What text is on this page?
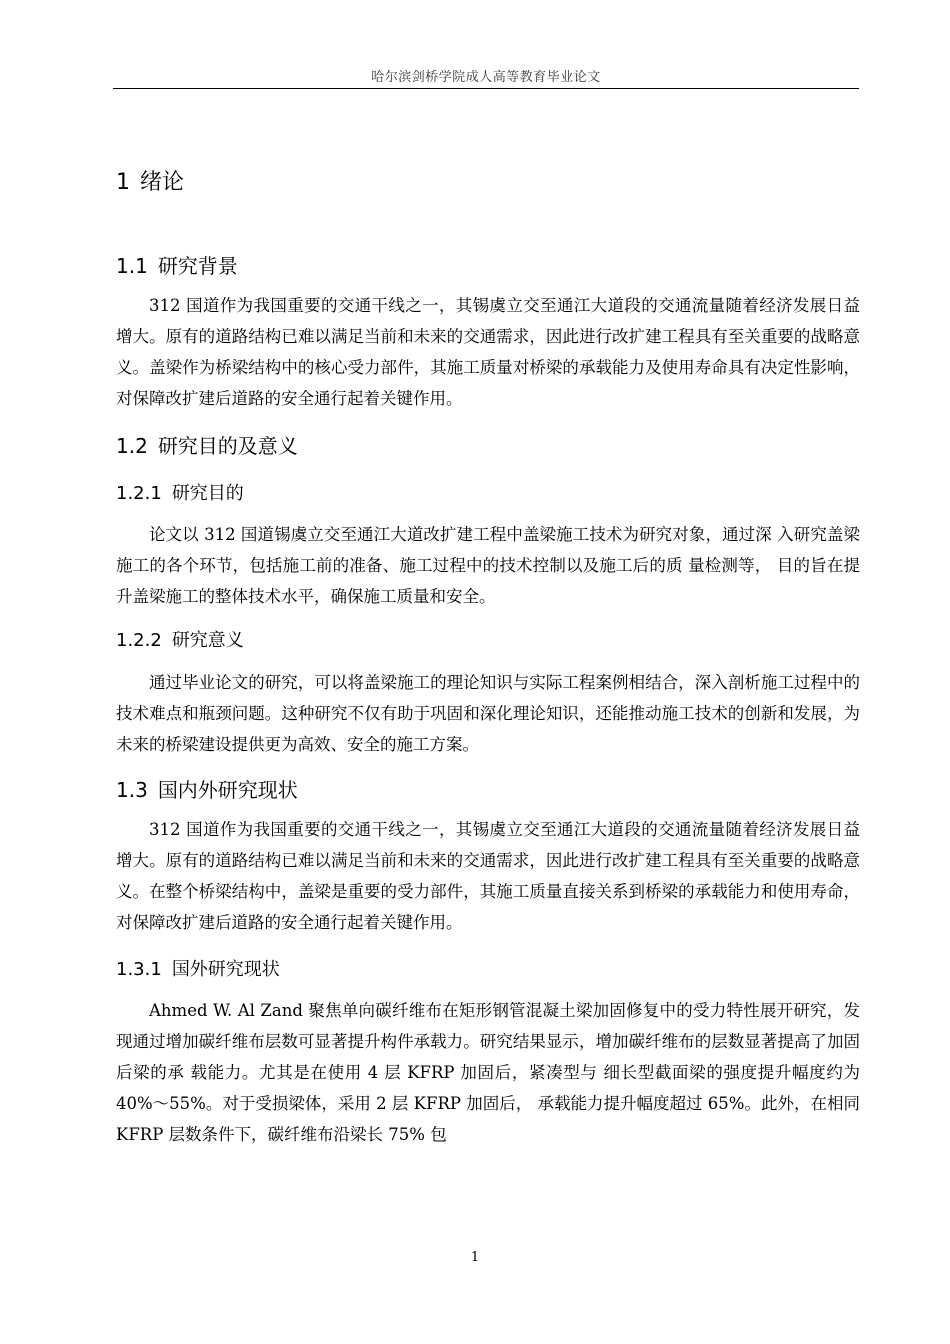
哈尔滨剑桥学院成人高等教育毕业论文
1 绪论
1.1 研究背景

312 国道作为我国重要的交通干线之一，其锡虞立交至通江大道段的交通流量随着经济发展日益增大。原有的道路结构已难以满足当前和未来的交通需求，因此进行改扩建工程具有至关重要的战略意义。盖梁作为桥梁结构中的核心受力部件，其施工质量对桥梁的承载能力及使用寿命具有决定性影响，对保障改扩建后道路的安全通行起着关键作用。

1.2 研究目的及意义
1.2.1 研究目的

论文以 312 国道锡虞立交至通江大道改扩建工程中盖梁施工技术为研究对象，通过深 入研究盖梁施工的各个环节，包括施工前的准备、施工过程中的技术控制以及施工后的质 量检测等， 目的旨在提升盖梁施工的整体技术水平，确保施工质量和安全。

1.2.2 研究意义

通过毕业论文的研究，可以将盖梁施工的理论知识与实际工程案例相结合，深入剖析施工过程中的技术难点和瓶颈问题。这种研究不仅有助于巩固和深化理论知识，还能推动施工技术的创新和发展，为未来的桥梁建设提供更为高效、安全的施工方案。

1.3 国内外研究现状

312 国道作为我国重要的交通干线之一，其锡虞立交至通江大道段的交通流量随着经济发展日益增大。原有的道路结构已难以满足当前和未来的交通需求，因此进行改扩建工程具有至关重要的战略意义。在整个桥梁结构中，盖梁是重要的受力部件，其施工质量直接关系到桥梁的承载能力和使用寿命，对保障改扩建后道路的安全通行起着关键作用。

1.3.1 国外研究现状

Ahmed W. Al Zand 聚焦单向碳纤维布在矩形钢管混凝土梁加固修复中的受力特性展开研究，发现通过增加碳纤维布层数可显著提升构件承载力。研究结果显示，增加碳纤维布的层数显著提高了加固后梁的承 载能力。尤其是在使用 4 层 KFRP 加固后，紧凑型与 细长型截面梁的强度提升幅度约为 40%～55%。对于受损梁体，采用 2 层 KFRP 加固后， 承载能力提升幅度超过 65%。此外，在相同 KFRP 层数条件下，碳纤维布沿梁长 75% 包

1
